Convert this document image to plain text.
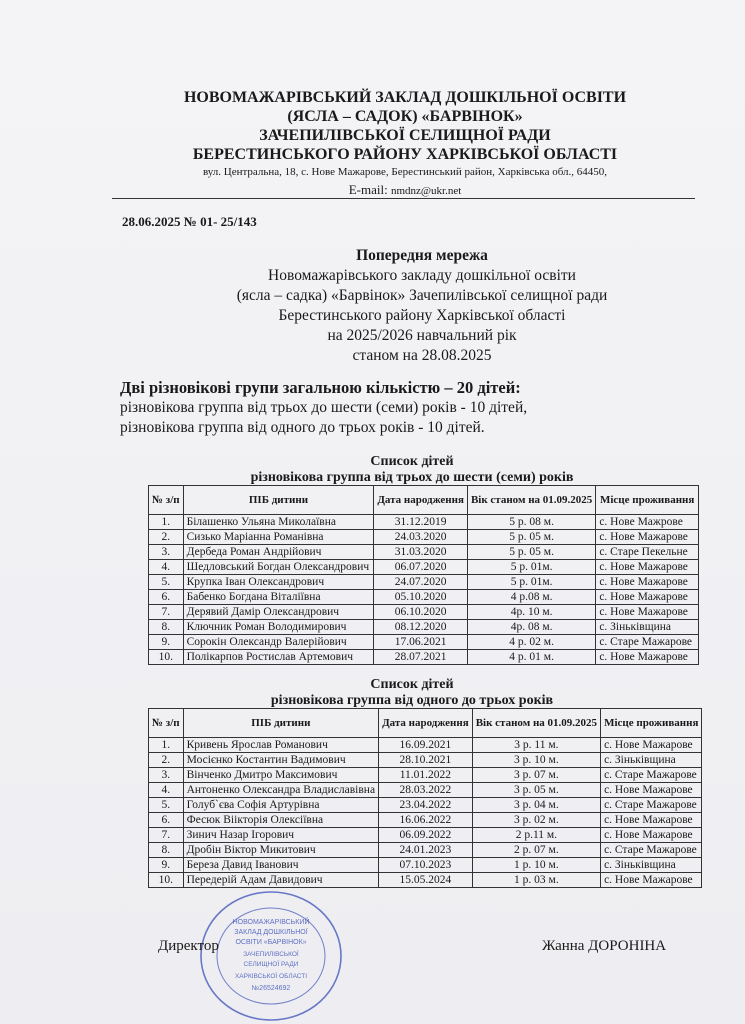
НОВОМАЖАРІВСЬКИЙ ЗАКЛАД ДОШКІЛЬНОЇ ОСВІТИ
(ЯСЛА – САДОК) «БАРВІНОК»
ЗАЧЕПИЛІВСЬКОЇ СЕЛИЩНОЇ РАДИ
БЕРЕСТИНСЬКОГО РАЙОНУ ХАРКІВСЬКОЇ ОБЛАСТІ
вул. Центральна, 18, с. Нове Мажарове, Берестинський район, Харківська обл., 64450,
E-mail: nmdnz@ukr.net
28.06.2025 № 01- 25/143
Попередня мережа
Новомажарівського закладу дошкільної освіти
(ясла – садка) «Барвінок» Зачепилівської селищної ради
Берестинського району Харківської області
на 2025/2026 навчальний рік
станом на 28.08.2025
Дві різновікові групи загальною кількістю – 20 дітей:
різновікова группа від трьох до шести (семи) років - 10 дітей,
різновікова группа від одного до трьох років - 10 дітей.
Список дітей
різновікова группа від трьох до шести (семи) років
№ з/п	ПІБ дитини	Дата народження	Вік станом на 01.09.2025	Місце проживання
1.	Білашенко Ульяна Миколаївна	31.12.2019	5 р. 08 м.	с. Нове Мажрове
2.	Сизько Маріанна Романівна	24.03.2020	5 р. 05 м.	с. Нове Мажарове
3.	Дербеда Роман Андрійович	31.03.2020	5 р. 05 м.	с. Старе Пекельне
4.	Шедловський Богдан Олександрович	06.07.2020	5 р. 01м.	с. Нове Мажарове
5.	Крупка Іван Олександрович	24.07.2020	5 р. 01м.	с. Нове Мажарове
6.	Бабенко Богдана Віталіївна	05.10.2020	4 р.08 м.	с. Нове Мажарове
7.	Дерявий Дамір Олександрович	06.10.2020	4р. 10 м.	с. Нове Мажарове
8.	Ключник Роман Володимирович	08.12.2020	4р. 08 м.	с. Зіньківщина
9.	Сорокін Олександр Валерійович	17.06.2021	4 р. 02 м.	с. Старе Мажарове
10.	Полікарпов Ростислав Артемович	28.07.2021	4 р. 01 м.	с. Нове Мажарове
Список дітей
різновікова группа від одного до трьох років
№ з/п	ПІБ дитини	Дата народження	Вік станом на 01.09.2025	Місце проживання
1.	Кривень Ярослав Романович	16.09.2021	3 р. 11 м.	с. Нове Мажарове
2.	Мосієнко Костантин Вадимович	28.10.2021	3 р. 10 м.	с. Зіньківщина
3.	Вінченко Дмитро Максимович	11.01.2022	3 р. 07 м.	с. Старе Мажарове
4.	Антоненко Олександра Владиславівна	28.03.2022	3 р. 05 м.	с. Нове Мажарове
5.	Голуб`єва Софія Артурівна	23.04.2022	3 р. 04 м.	с. Старе Мажарове
6.	Фесюк Віікторія Олексіївна	16.06.2022	3 р. 02 м.	с. Нове Мажарове
7.	Зинич Назар Ігорович	06.09.2022	2 р.11 м.	с. Нове Мажарове
8.	Дробін Віктор Микитович	24.01.2023	2 р. 07 м.	с. Старе Мажарове
9.	Береза Давид Іванович	07.10.2023	1 р. 10 м.	с. Зіньківщина
10.	Передерій Адам Давидович	15.05.2024	1 р. 03 м.	с. Нове Мажарове
НОВОМАЖАРІВСЬКИЙ
ЗАКЛАД ДОШКІЛЬНОЇ
ОСВІТИ «БАРВІНОК»
ЗАЧЕПИЛІВСЬКОЇ
СЕЛИЩНОЇ РАДИ
ХАРКІВСЬКОЇ ОБЛАСТІ
№26524692
Директор	Жанна ДОРОНІНА
